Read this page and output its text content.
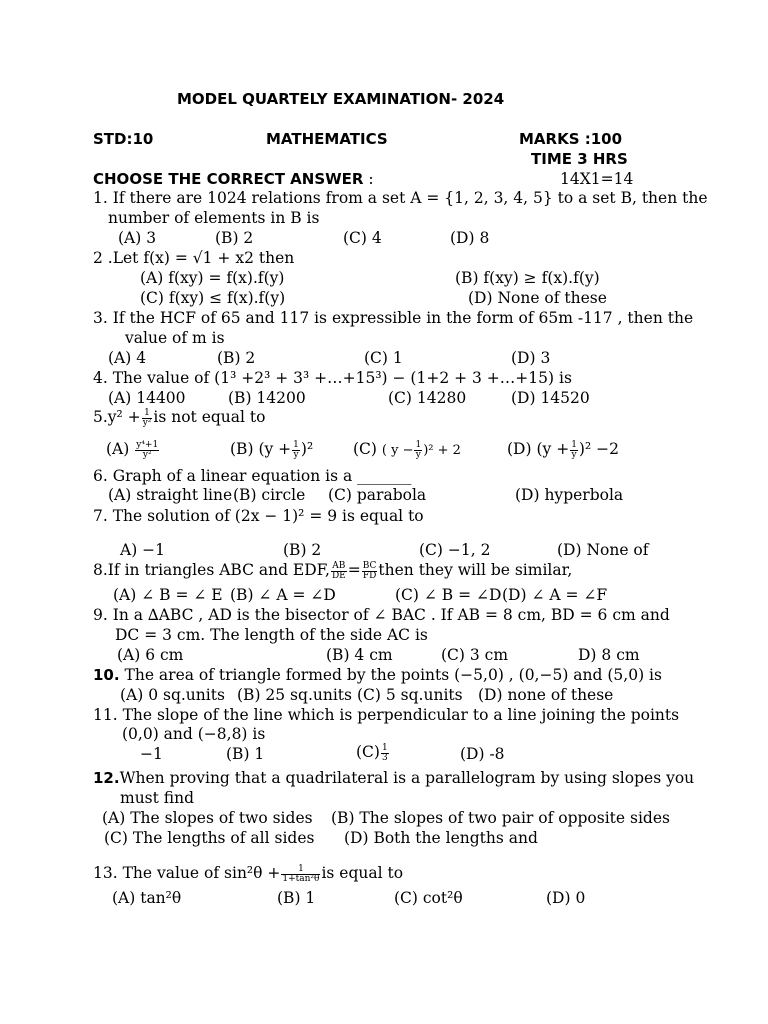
MODEL QUARTELY EXAMINATION- 2024
STD:10	MATHEMATICS	MARKS :100
TIME 3 HRS
CHOOSE THE CORRECT ANSWER :	14X1=14
1. If there are 1024 relations from a set A = {1, 2, 3, 4, 5} to a set B, then the
number of elements in B is
(A) 3	(B) 2	(C) 4	(D) 8
2 .Let f(x) = √1 + x2 then
(A) f(xy) = f(x).f(y)	(B) f(xy) ≥ f(x).f(y)
(C) f(xy) ≤ f(x).f(y)	(D) None of these
3. If the HCF of 65 and 117 is expressible in the form of 65m -117 , then the
value of m is
(A) 4	(B) 2	(C) 1	(D) 3
4. The value of (1³ +2³ + 3³ +…+15³) − (1+2 + 3 +…+15) is
(A) 14400	(B) 14200	(C) 14280	(D) 14520
$5.y^2 + \frac{1}{\text{y²}}$ is not equal to
$(A) \frac{\text{y⁴+1}}{\text{y²}}$	(B) $(y + \frac{1}{y} )^2$	(C) ( $y - \frac{1}{y} )^2 + 2$	(D) $(y + \frac{1}{y} )^2 -2$
6. Graph of a linear equation is a _______
(A) straight line (B) circle (C) parabola	(D) hyperbola
7. The solution of (2x − 1)² = 9 is equal to
A) −1	(B) 2	(C) −1, 2	(D) None of
8.If in triangles ABC and EDF, $\frac{AB}{DE} = \frac{BC}{FD}$ then they will be similar,
(A) ∠ B = ∠ E (B) ∠ A = ∠D	(C) ∠ B = ∠D (D) ∠ A = ∠F
9. In a ∆ABC , AD is the bisector of ∠ BAC . If AB = 8 cm, BD = 6 cm and
DC = 3 cm. The length of the side AC is
(A) 6 cm	(B) 4 cm	(C) 3 cm	D) 8 cm
10. The area of triangle formed by the points (−5,0) , (0,−5) and (5,0) is
(A) 0 sq.units (B) 25 sq.units (C) 5 sq.units (D) none of these
11. The slope of the line which is perpendicular to a line joining the points
(0,0) and (−8,8) is
−1	(B) 1	$(C) \frac{1}{3}$	(D) -8
12.When proving that a quadrilateral is a parallelogram by using slopes you
must find
(A) The slopes of two sides (B) The slopes of two pair of opposite sides
(C) The lengths of all sides (D) Both the lengths and
13. The value of $\sin^2\theta + \frac{1}{\text{1+tan²θ}}$ is equal to
(A) tan²θ	(B) 1	(C) cot²θ	(D) 0
